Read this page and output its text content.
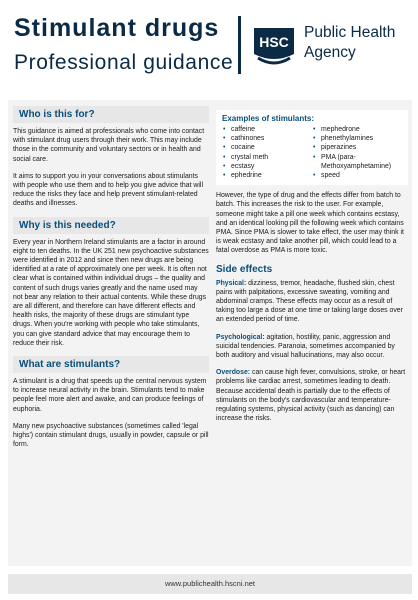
Stimulant drugs
Professional guidance
HSC
Public Health
Agency
Who is this for?

This guidance is aimed at professionals who come into contact with stimulant drug users through their work. This may include those in the community and voluntary sectors or in health and social care.

It aims to support you in your conversations about stimulants with people who use them and to help you give advice that will reduce the risks they face and help prevent stimulant-related deaths and illnesses.

Why is this needed?

Every year in Northern Ireland stimulants are a factor in around eight to ten deaths. In the UK 251 new psychoactive substances were identified in 2012 and since then new drugs are being identified at a rate of approximately one per week. It is often not clear what is contained within individual drugs – the quality and content of such drugs varies greatly and the name used may not bear any relation to their actual contents. While these drugs are all different, and therefore can have different effects and health risks, the majority of these drugs are stimulant type drugs. When you're working with people who take stimulants, you can give standard advice that may encourage them to reduce their risk.

What are stimulants?

A stimulant is a drug that speeds up the central nervous system to increase neural activity in the brain. Stimulants tend to make people feel more alert and awake, and can produce feelings of euphoria.

Many new psychoactive substances (sometimes called 'legal highs') contain stimulant drugs, usually in powder, capsule or pill form.

Examples of stimulants:
• caffeine
• cathinones
• cocaine
• crystal meth
• ecstasy
• ephedrine
• mephedrone
• phenethylamines
• piperazines
• PMA (para-Methoxyamphetamine)
• speed

However, the type of drug and the effects differ from batch to batch. This increases the risk to the user. For example, someone might take a pill one week which contains ecstasy, and an identical looking pill the following week which contains PMA. Since PMA is slower to take effect, the user may think it is weak ecstasy and take another pill, which could lead to a fatal overdose as PMA is more toxic.

Side effects

Physical: dizziness, tremor, headache, flushed skin, chest pains with palpitations, excessive sweating, vomiting and abdominal cramps. These effects may occur as a result of taking too large a dose at one time or taking large doses over an extended period of time.

Psychological: agitation, hostility, panic, aggression and suicidal tendencies. Paranoia, sometimes accompanied by both auditory and visual hallucinations, may also occur.

Overdose: can cause high fever, convulsions, stroke, or heart problems like cardiac arrest, sometimes leading to death. Because accidental death is partially due to the effects of stimulants on the body's cardiovascular and temperature-regulating systems, physical activity (such as dancing) can increase the risks.

www.publichealth.hscni.net
